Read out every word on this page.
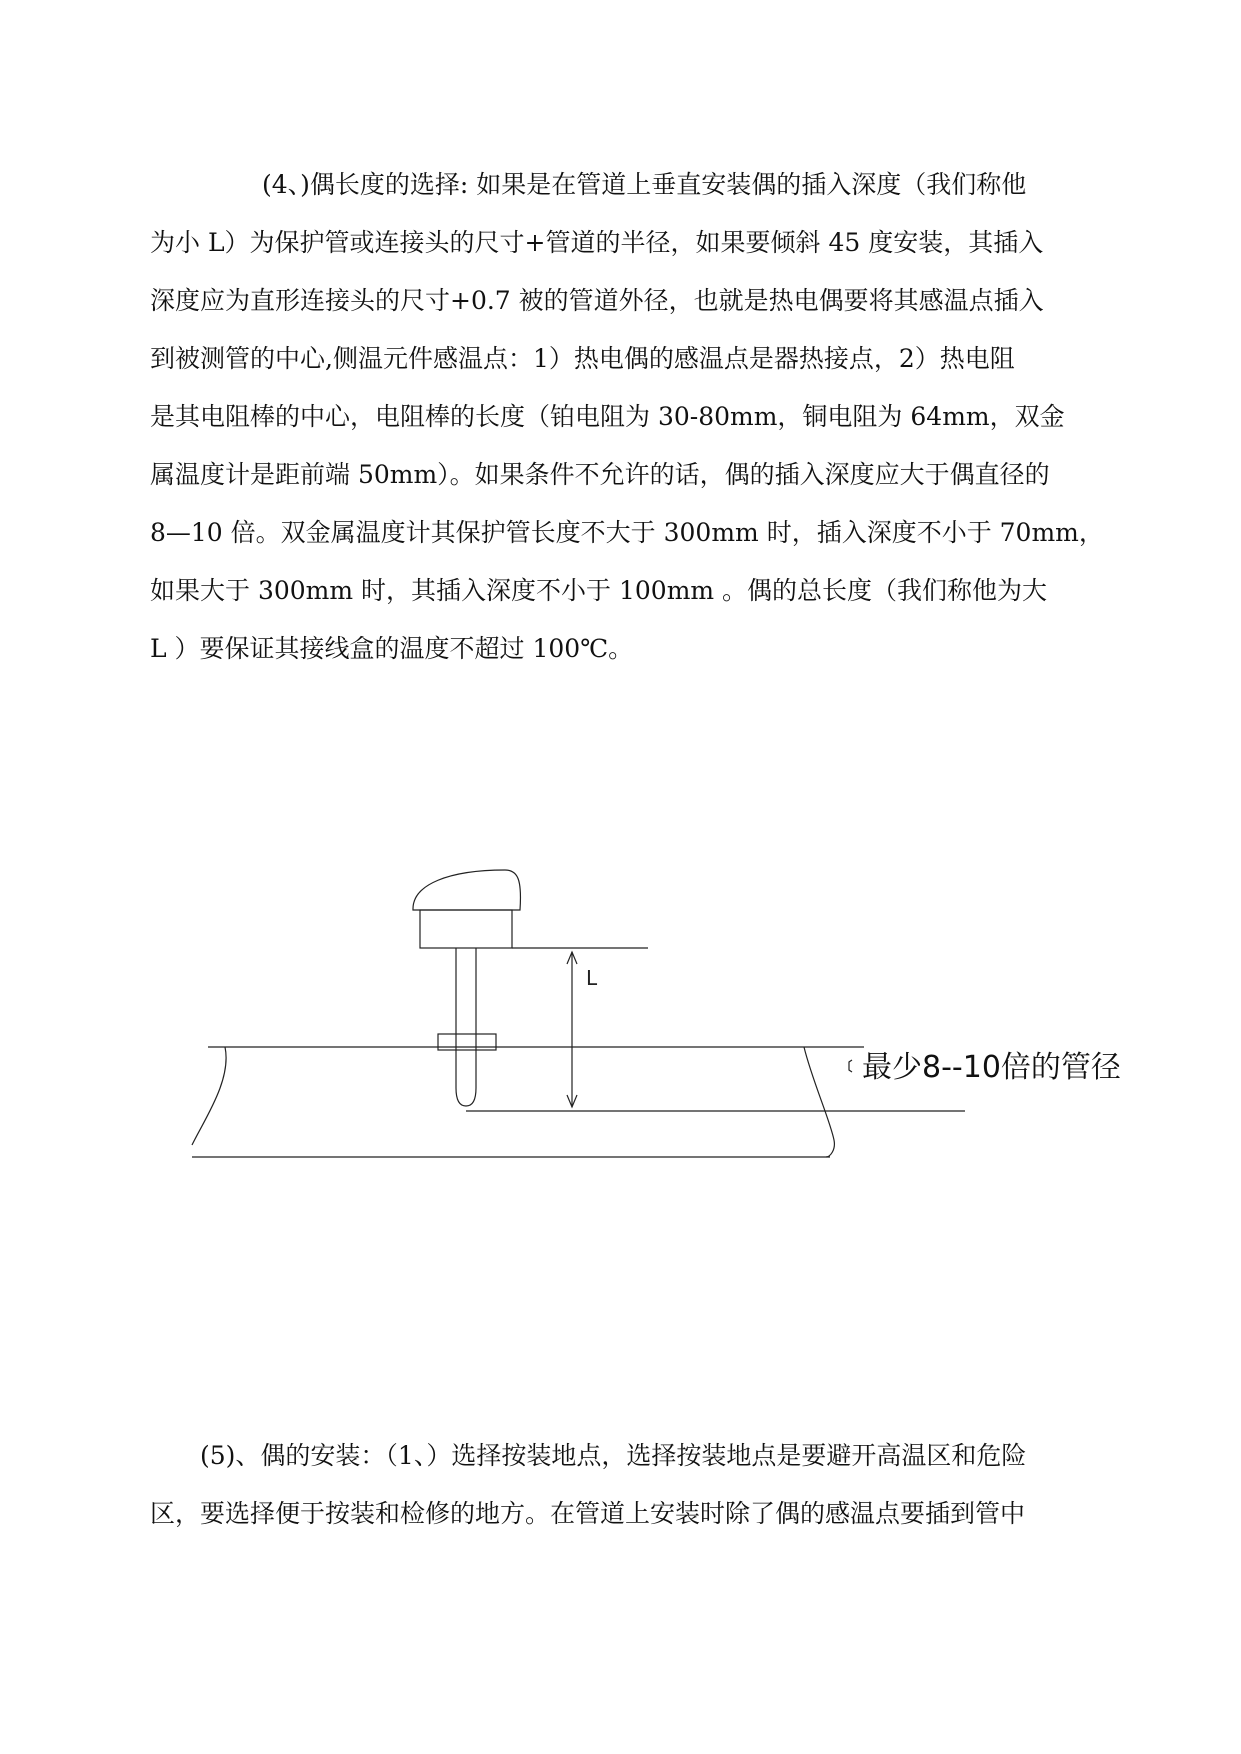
(4、)偶长度的选择: 如果是在管道上垂直安装偶的插入深度（我们称他
为小 L）为保护管或连接头的尺寸+管道的半径，如果要倾斜 45 度安装，其插入
深度应为直形连接头的尺寸+0.7 被的管道外径，也就是热电偶要将其感温点插入
到被测管的中心,侧温元件感温点：1）热电偶的感温点是器热接点，2）热电阻
是其电阻棒的中心，电阻棒的长度（铂电阻为 30-80mm，铜电阻为 64mm，双金
属温度计是距前端 50mm）。如果条件不允许的话，偶的插入深度应大于偶直径的
8—10 倍。双金属温度计其保护管长度不大于 300mm 时，插入深度不小于 70mm，
如果大于 300mm 时，其插入深度不小于 100mm 。偶的总长度（我们称他为大
L ）要保证其接线盒的温度不超过 100℃。
L
最少8--10倍的管径
(5)、偶的安装：（1、）选择按装地点，选择按装地点是要避开高温区和危险
区，要选择便于按装和检修的地方。在管道上安装时除了偶的感温点要插到管中
